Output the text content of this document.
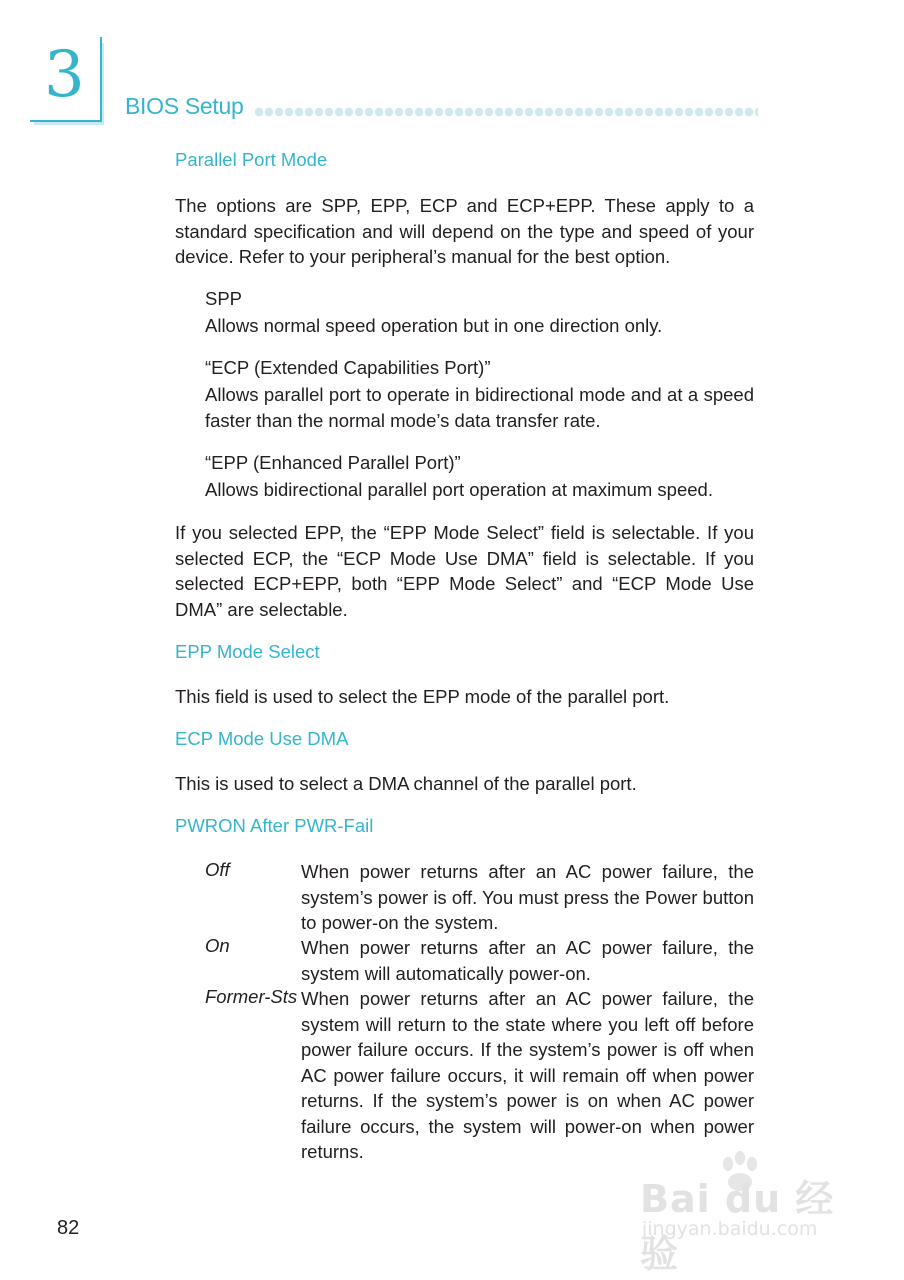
3 BIOS Setup
Parallel Port Mode
The options are SPP, EPP, ECP and ECP+EPP. These apply to a standard specification and will depend on the type and speed of your device. Refer to your peripheral’s manual for the best option.
SPP
Allows normal speed operation but in one direction only.
“ECP (Extended Capabilities Port)”
Allows parallel port to operate in bidirectional mode and at a speed faster than the normal mode’s data transfer rate.
“EPP (Enhanced Parallel Port)”
Allows bidirectional parallel port operation at maximum speed.
If you selected EPP, the “EPP Mode Select” field is selectable. If you selected ECP, the “ECP Mode Use DMA” field is selectable. If you selected ECP+EPP, both “EPP Mode Select” and “ECP Mode Use DMA” are selectable.
EPP Mode Select
This field is used to select the EPP mode of the parallel port.
ECP Mode Use DMA
This is used to select a DMA channel of the parallel port.
PWRON After PWR-Fail
Off	When power returns after an AC power failure, the system’s power is off. You must press the Power button to power-on the system.
On	When power returns after an AC power failure, the system will automatically power-on.
Former-Sts When power returns after an AC power failure, the system will return to the state where you left off before power failure occurs. If the system’s power is off when AC power failure occurs, it will remain off when power returns. If the system’s power is on when AC power failure occurs, the system will power-on when power returns.
82
Bai du 经验
jingyan.baidu.com
